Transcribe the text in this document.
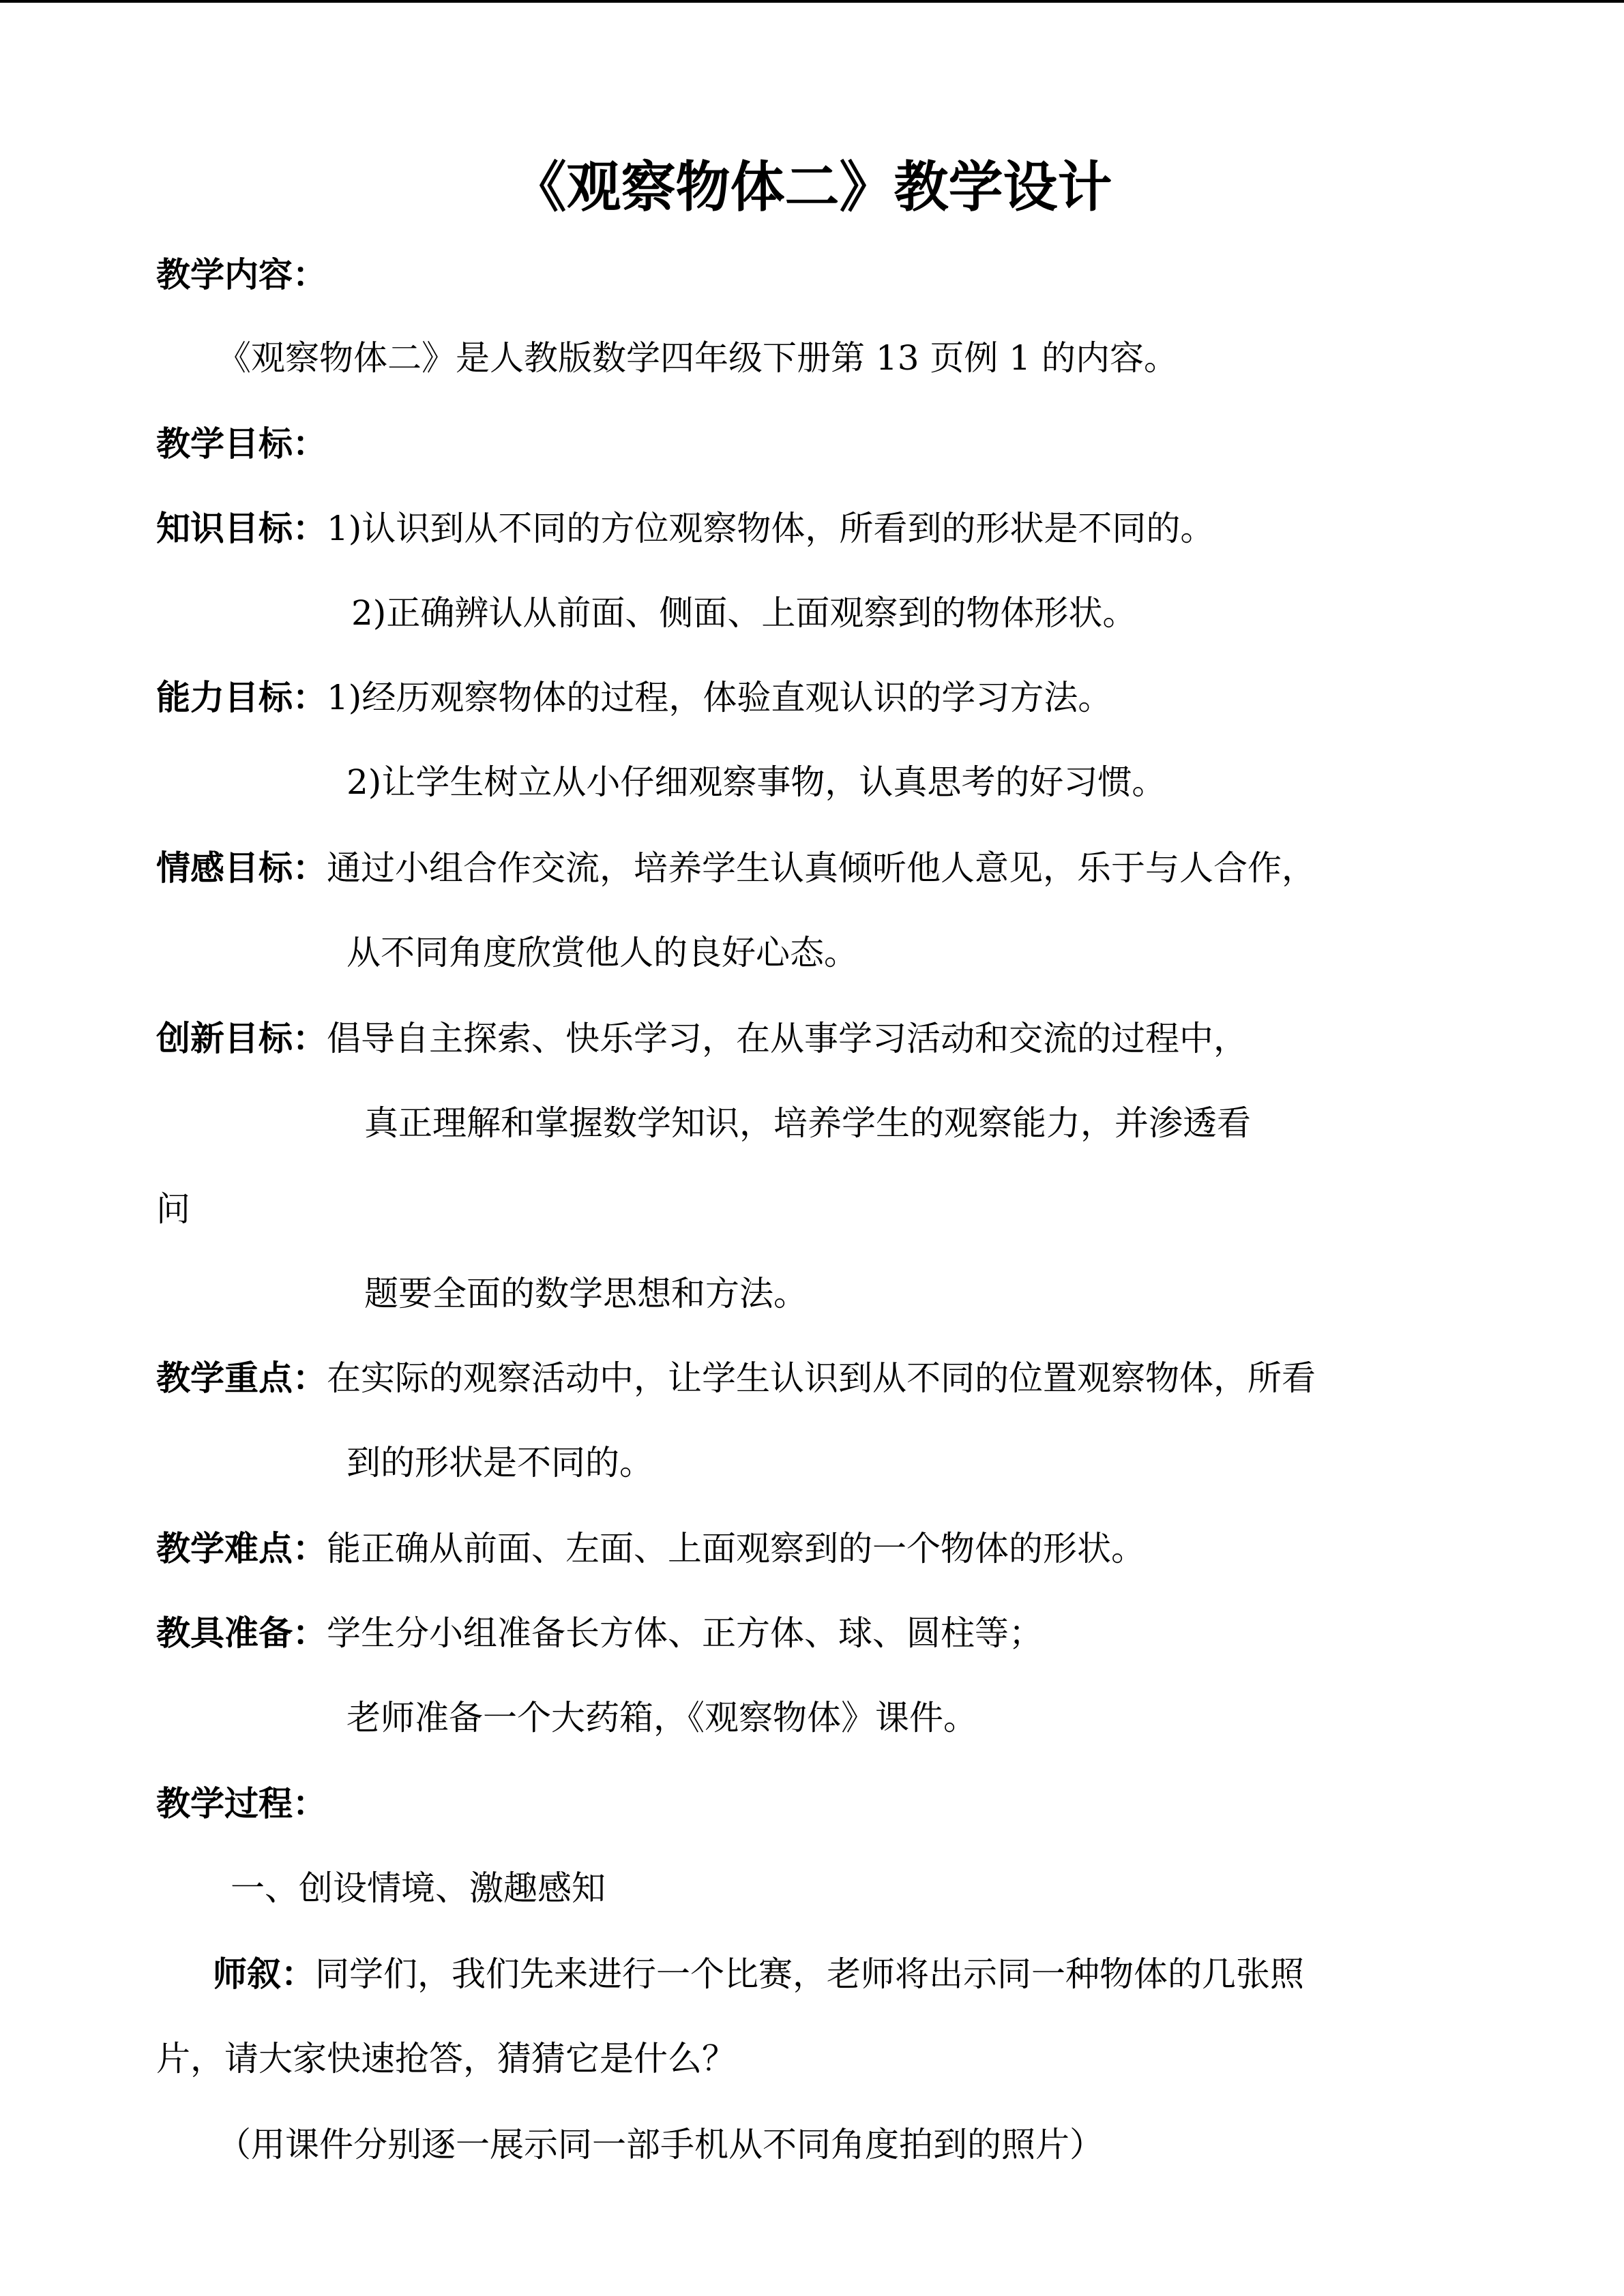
《观察物体二》教学设计
教学内容：
《观察物体二》是人教版数学四年级下册第 13 页例 1 的内容。
教学目标：
知识目标：1)认识到从不同的方位观察物体，所看到的形状是不同的。
2)正确辨认从前面、侧面、上面观察到的物体形状。
能力目标：1)经历观察物体的过程，体验直观认识的学习方法。
2)让学生树立从小仔细观察事物，认真思考的好习惯。
情感目标：通过小组合作交流，培养学生认真倾听他人意见，乐于与人合作，
从不同角度欣赏他人的良好心态。
创新目标：倡导自主探索、快乐学习，在从事学习活动和交流的过程中，
真正理解和掌握数学知识，培养学生的观察能力，并渗透看
问
题要全面的数学思想和方法。
教学重点：在实际的观察活动中，让学生认识到从不同的位置观察物体，所看
到的形状是不同的。
教学难点：能正确从前面、左面、上面观察到的一个物体的形状。
教具准备：学生分小组准备长方体、正方体、球、圆柱等；
老师准备一个大药箱，《观察物体》课件。
教学过程：
一、创设情境、激趣感知
师叙：同学们，我们先来进行一个比赛，老师将出示同一种物体的几张照
片，请大家快速抢答，猜猜它是什么？
（用课件分别逐一展示同一部手机从不同角度拍到的照片）
